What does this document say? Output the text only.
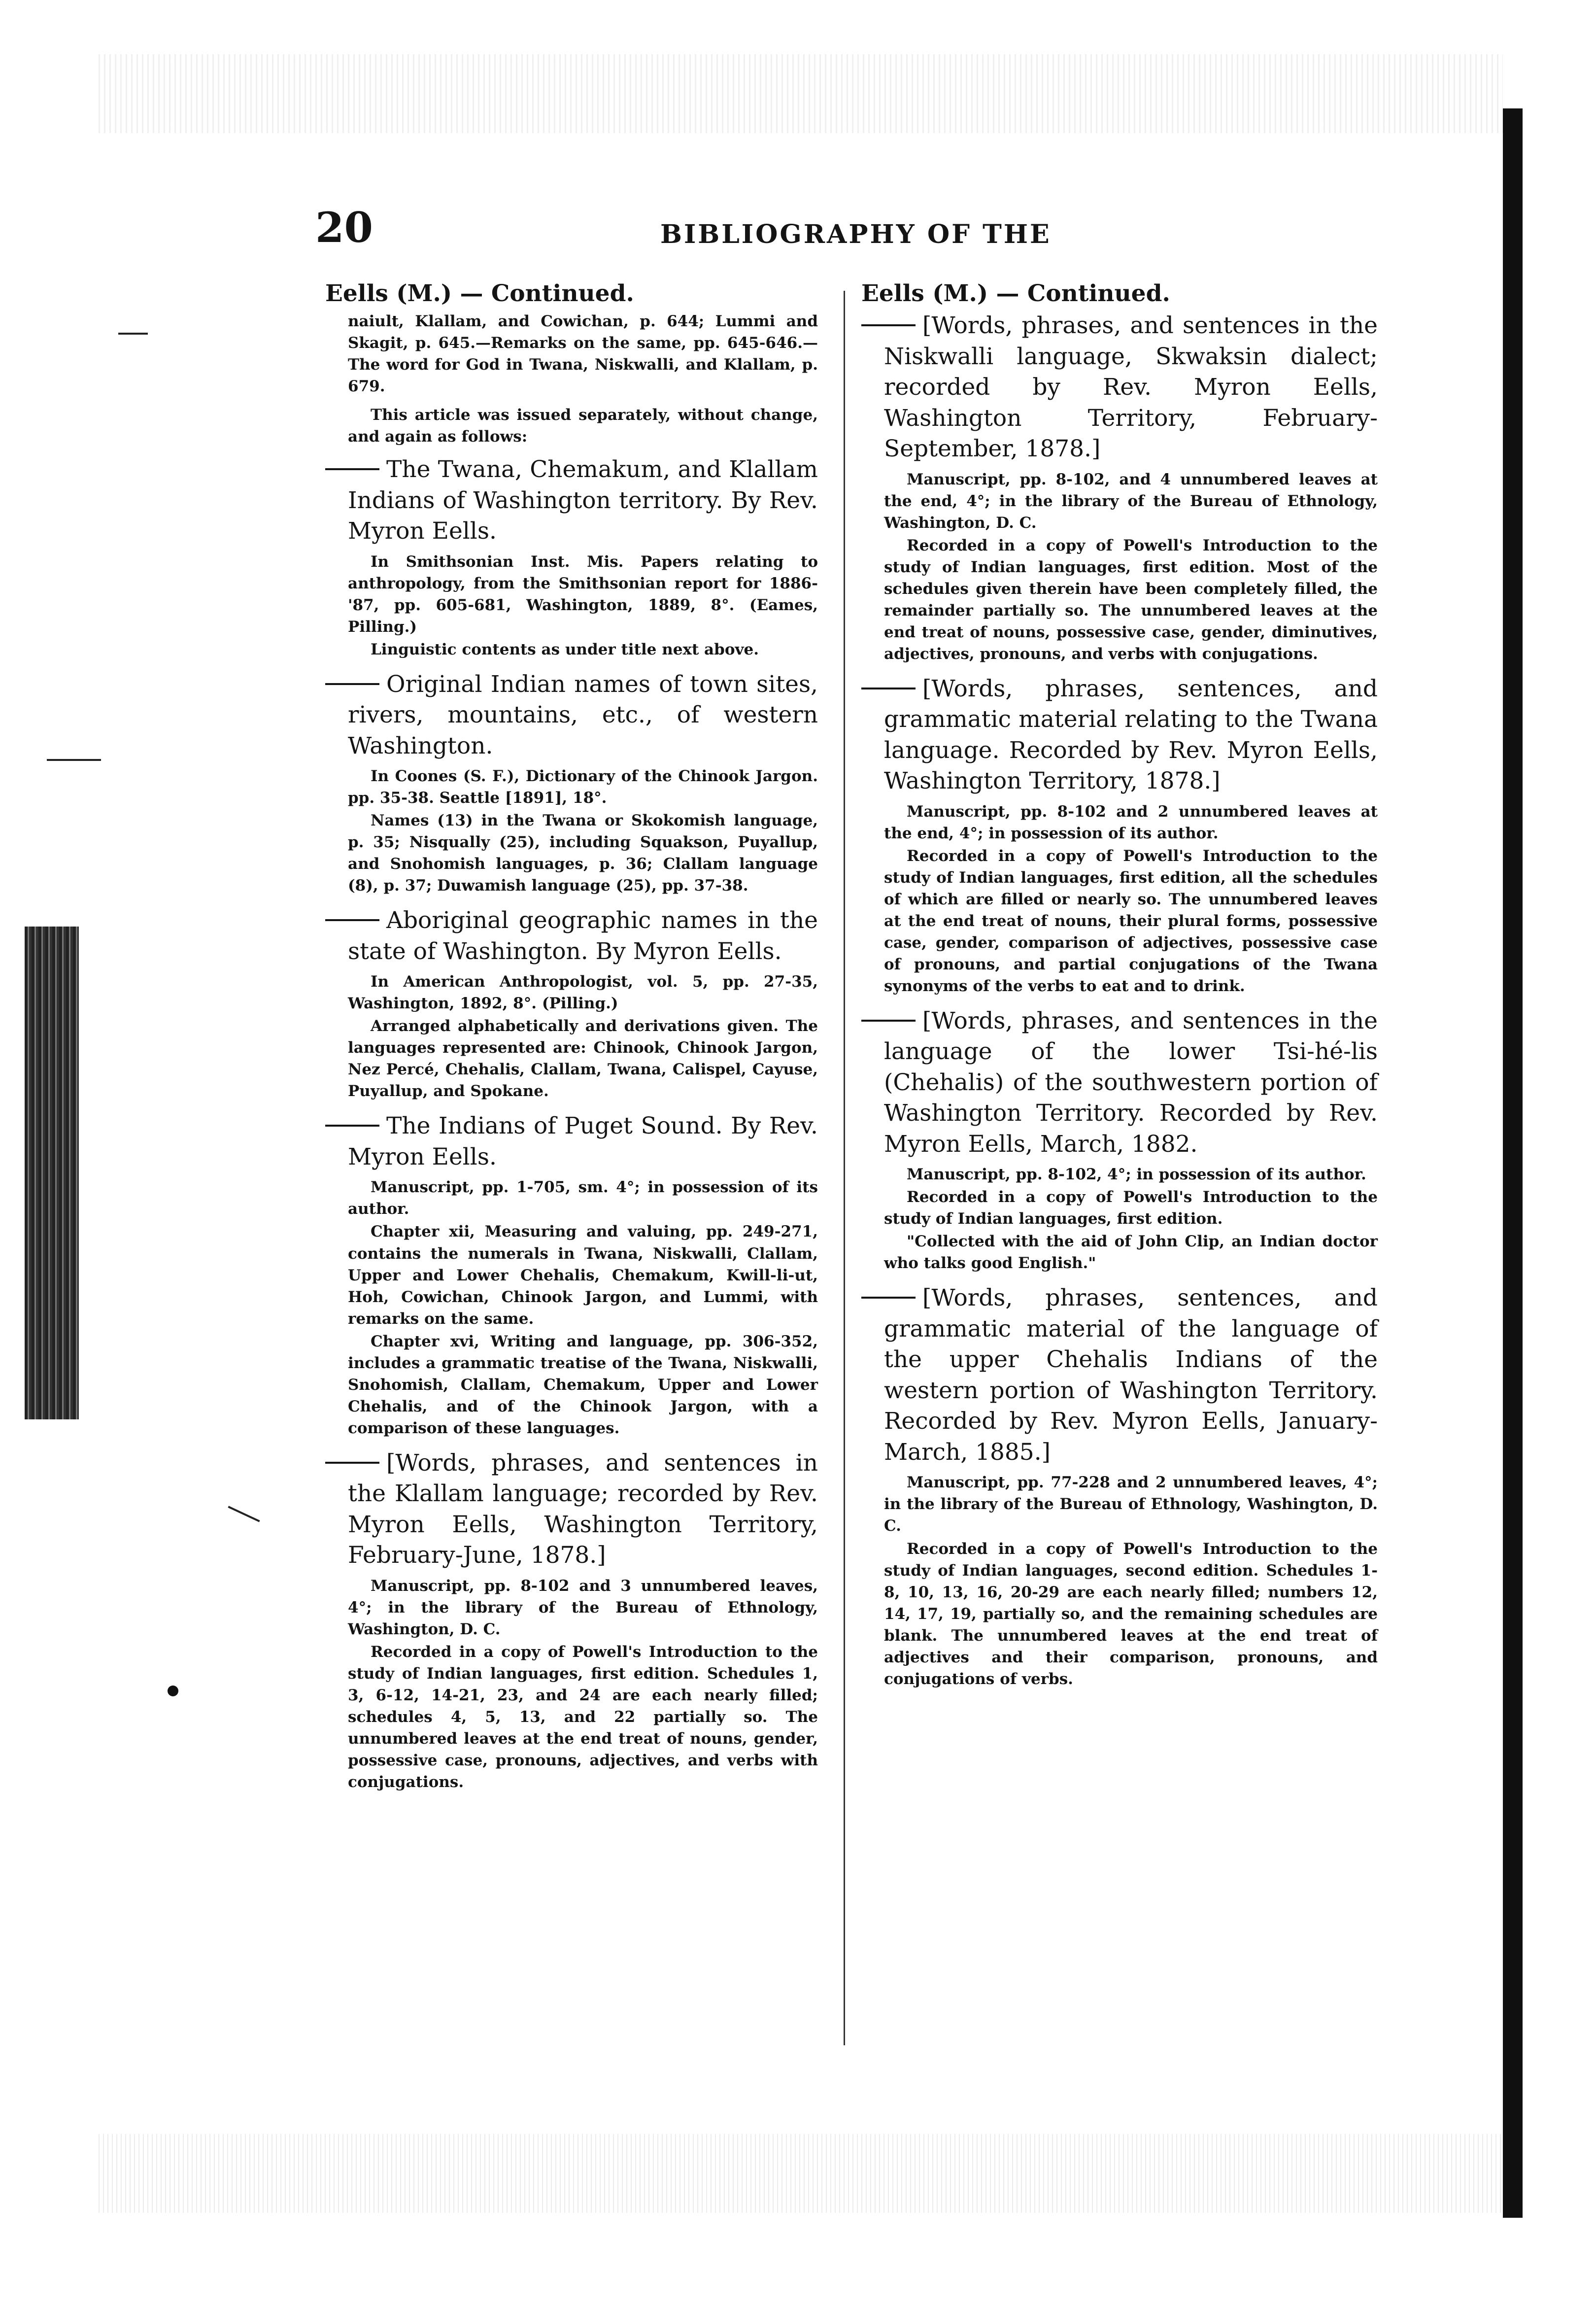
20	BIBLIOGRAPHY OF THE

Eells (M.) — Continued.

naiult, Klallam, and Cowichan, p. 644; Lummi and Skagit, p. 645.—Remarks on the same, pp. 645-646.—The word for God in Twana, Niskwalli, and Klallam, p. 679.

This article was issued separately, without change, and again as follows:

The Twana, Chemakum, and Klallam Indians of Washington territory. By Rev. Myron Eells.

In Smithsonian Inst. Mis. Papers relating to anthropology, from the Smithsonian report for 1886-'87, pp. 605-681, Washington, 1889, 8°. (Eames, Pilling.)

Linguistic contents as under title next above.

Original Indian names of town sites, rivers, mountains, etc., of western Washington.

In Coones (S. F.), Dictionary of the Chinook Jargon. pp. 35-38. Seattle [1891], 18°.

Names (13) in the Twana or Skokomish language, p. 35; Nisqually (25), including Squakson, Puyallup, and Snohomish languages, p. 36; Clallam language (8), p. 37; Duwamish language (25), pp. 37-38.

Aboriginal geographic names in the state of Washington. By Myron Eells.

In American Anthropologist, vol. 5, pp. 27-35, Washington, 1892, 8°. (Pilling.)

Arranged alphabetically and derivations given. The languages represented are: Chinook, Chinook Jargon, Nez Percé, Chehalis, Clallam, Twana, Calispel, Cayuse, Puyallup, and Spokane.

The Indians of Puget Sound. By Rev. Myron Eells.

Manuscript, pp. 1-705, sm. 4°; in possession of its author.

Chapter xii, Measuring and valuing, pp. 249-271, contains the numerals in Twana, Niskwalli, Clallam, Upper and Lower Chehalis, Chemakum, Kwill-li-ut, Hoh, Cowichan, Chinook Jargon, and Lummi, with remarks on the same.

Chapter xvi, Writing and language, pp. 306-352, includes a grammatic treatise of the Twana, Niskwalli, Snohomish, Clallam, Chemakum, Upper and Lower Chehalis, and of the Chinook Jargon, with a comparison of these languages.

[Words, phrases, and sentences in the Klallam language; recorded by Rev. Myron Eells, Washington Territory, February-June, 1878.]

Manuscript, pp. 8-102 and 3 unnumbered leaves, 4°; in the library of the Bureau of Ethnology, Washington, D. C.

Recorded in a copy of Powell's Introduction to the study of Indian languages, first edition. Schedules 1, 3, 6-12, 14-21, 23, and 24 are each nearly filled; schedules 4, 5, 13, and 22 partially so. The unnumbered leaves at the end treat of nouns, gender, possessive case, pronouns, adjectives, and verbs with conjugations.

Eells (M.) — Continued.

[Words, phrases, and sentences in the Niskwalli language, Skwaksin dialect; recorded by Rev. Myron Eells, Washington Territory, February-September, 1878.]

Manuscript, pp. 8-102, and 4 unnumbered leaves at the end, 4°; in the library of the Bureau of Ethnology, Washington, D. C.

Recorded in a copy of Powell's Introduction to the study of Indian languages, first edition. Most of the schedules given therein have been completely filled, the remainder partially so. The unnumbered leaves at the end treat of nouns, possessive case, gender, diminutives, adjectives, pronouns, and verbs with conjugations.

[Words, phrases, sentences, and grammatic material relating to the Twana language. Recorded by Rev. Myron Eells, Washington Territory, 1878.]

Manuscript, pp. 8-102 and 2 unnumbered leaves at the end, 4°; in possession of its author.

Recorded in a copy of Powell's Introduction to the study of Indian languages, first edition, all the schedules of which are filled or nearly so. The unnumbered leaves at the end treat of nouns, their plural forms, possessive case, gender, comparison of adjectives, possessive case of pronouns, and partial conjugations of the Twana synonyms of the verbs to eat and to drink.

[Words, phrases, and sentences in the language of the lower Tsi-hé-lis (Chehalis) of the southwestern portion of Washington Territory. Recorded by Rev. Myron Eells, March, 1882.

Manuscript, pp. 8-102, 4°; in possession of its author.

Recorded in a copy of Powell's Introduction to the study of Indian languages, first edition.

"Collected with the aid of John Clip, an Indian doctor who talks good English."

[Words, phrases, sentences, and grammatic material of the language of the upper Chehalis Indians of the western portion of Washington Territory. Recorded by Rev. Myron Eells, January-March, 1885.]

Manuscript, pp. 77-228 and 2 unnumbered leaves, 4°; in the library of the Bureau of Ethnology, Washington, D. C.

Recorded in a copy of Powell's Introduction to the study of Indian languages, second edition. Schedules 1-8, 10, 13, 16, 20-29 are each nearly filled; numbers 12, 14, 17, 19, partially so, and the remaining schedules are blank. The unnumbered leaves at the end treat of adjectives and their comparison, pronouns, and conjugations of verbs.
